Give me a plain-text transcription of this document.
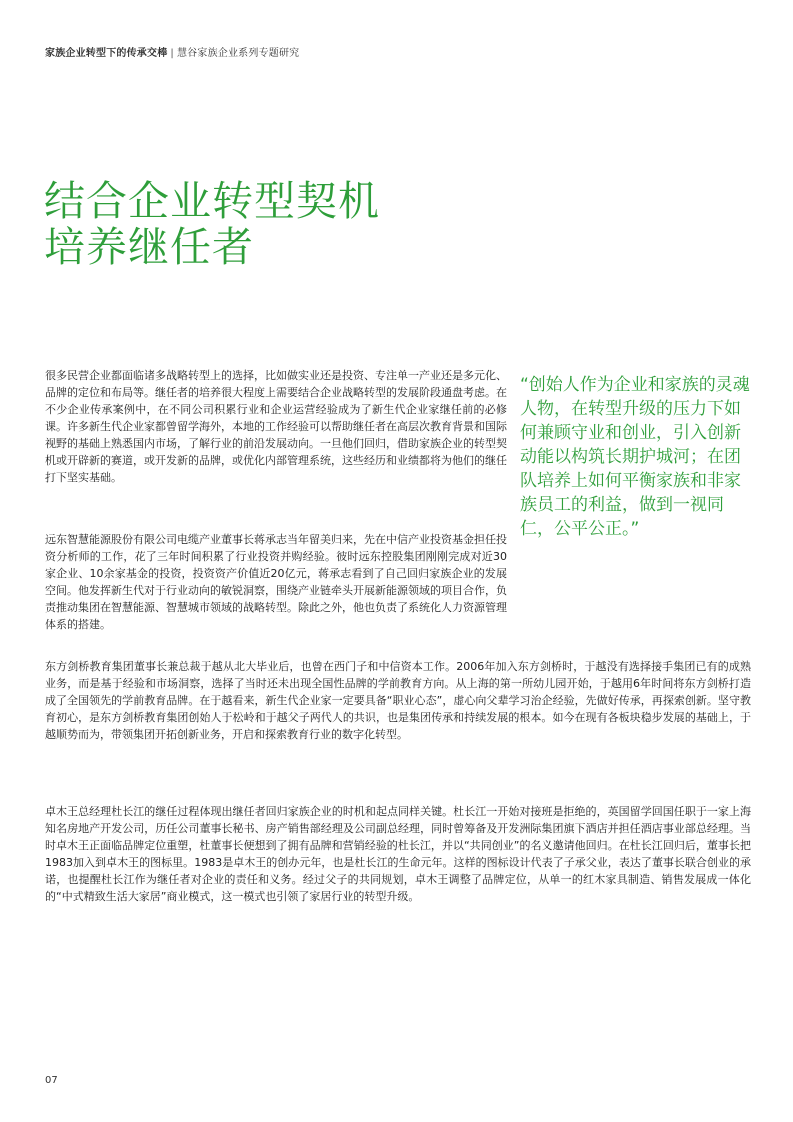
家族企业转型下的传承交棒 | 慧谷家族企业系列专题研究
结合企业转型契机
培养继任者

很多民营企业都面临诸多战略转型上的选择，比如做实业还是投资、专注单一产业还是多元化、品牌的定位和布局等。继任者的培养很大程度上需要结合企业战略转型的发展阶段通盘考虑。在不少企业传承案例中，在不同公司积累行业和企业运营经验成为了新生代企业家继任前的必修课。许多新生代企业家都曾留学海外，本地的工作经验可以帮助继任者在高层次教育背景和国际视野的基础上熟悉国内市场，了解行业的前沿发展动向。一旦他们回归，借助家族企业的转型契机或开辟新的赛道，或开发新的品牌，或优化内部管理系统，这些经历和业绩都将为他们的继任打下坚实基础。

远东智慧能源股份有限公司电缆产业董事长蒋承志当年留美归来，先在中信产业投资基金担任投资分析师的工作，花了三年时间积累了行业投资并购经验。彼时远东控股集团刚刚完成对近30家企业、10余家基金的投资，投资资产价值近20亿元，蒋承志看到了自己回归家族企业的发展空间。他发挥新生代对于行业动向的敏锐洞察，围绕产业链牵头开展新能源领域的项目合作，负责推动集团在智慧能源、智慧城市领域的战略转型。除此之外，他也负责了系统化人力资源管理体系的搭建。

东方剑桥教育集团董事长兼总裁于越从北大毕业后，也曾在西门子和中信资本工作。2006年加入东方剑桥时，于越没有选择接手集团已有的成熟业务，而是基于经验和市场洞察，选择了当时还未出现全国性品牌的学前教育方向。从上海的第一所幼儿园开始，于越用6年时间将东方剑桥打造成了全国领先的学前教育品牌。在于越看来，新生代企业家一定要具备“职业心态”，虚心向父辈学习治企经验，先做好传承，再探索创新。坚守教育初心，是东方剑桥教育集团创始人于松岭和于越父子两代人的共识，也是集团传承和持续发展的根本。如今在现有各板块稳步发展的基础上，于越顺势而为，带领集团开拓创新业务，开启和探索教育行业的数字化转型。

卓木王总经理杜长江的继任过程体现出继任者回归家族企业的时机和起点同样关键。杜长江一开始对接班是拒绝的，英国留学回国任职于一家上海知名房地产开发公司，历任公司董事长秘书、房产销售部经理及公司副总经理，同时曾筹备及开发洲际集团旗下酒店并担任酒店事业部总经理。当时卓木王正面临品牌定位重塑，杜董事长便想到了拥有品牌和营销经验的杜长江，并以“共同创业”的名义邀请他回归。在杜长江回归后，董事长把1983加入到卓木王的图标里。1983是卓木王的创办元年，也是杜长江的生命元年。这样的图标设计代表了子承父业，表达了董事长联合创业的承诺，也提醒杜长江作为继任者对企业的责任和义务。经过父子的共同规划，卓木王调整了品牌定位，从单一的红木家具制造、销售发展成一体化的“中式精致生活大家居”商业模式，这一模式也引领了家居行业的转型升级。

“创始人作为企业和家族的灵魂人物，在转型升级的压力下如何兼顾守业和创业，引入创新动能以构筑长期护城河；在团队培养上如何平衡家族和非家族员工的利益，做到一视同仁，公平公正。”

07
